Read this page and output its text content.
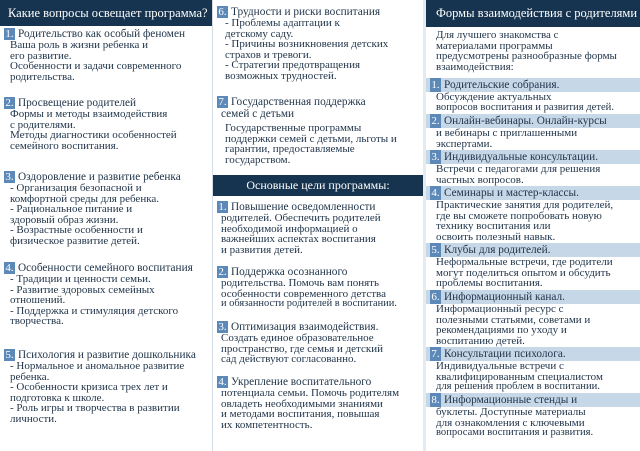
Какие вопросы освещает программа?
1. Родительство как особый феномен
Ваша роль в жизни ребенка и
его развитие.
Особенности и задачи современного
родительства.
2. Просвещение родителей
Формы и методы взаимодействия
с родителями.
Методы диагностики особенностей
семейного воспитания.
3. Оздоровление и развитие ребенка
- Организация безопасной и
комфортной среды для ребенка.
- Рациональное питание и
здоровый образ жизни.
- Возрастные особенности и
физическое развитие детей.
4. Особенности семейного воспитания
- Традиции и ценности семьи.
- Развитие здоровых семейных
отношений.
- Поддержка и стимуляция детского
творчества.
5. Психология и развитие дошкольника
- Нормальное и аномальное развитие
ребенка.
- Особенности кризиса трех лет и
подготовка к школе.
- Роль игры и творчества в развитии
личности.
6. Трудности и риски воспитания
- Проблемы адаптации к
детскому саду.
- Причины возникновения детских
страхов и тревоги.
- Стратегии предотвращения
возможных трудностей.
7. Государственная поддержка
семей с детьми
Государственные программы
поддержки семей с детьми, льготы и
гарантии, предоставляемые
государством.
Основные цели программы:
1. Повышение осведомленности
родителей. Обеспечить родителей
необходимой информацией о
важнейших аспектах воспитания
и развития детей.
2. Поддержка осознанного
родительства. Помочь вам понять
особенности современного детства
и обязанности родителей в воспитании.
3. Оптимизация взаимодействия.
Создать единое образовательное
пространство, где семья и детский
сад действуют согласованно.
4. Укрепление воспитательного
потенциала семьи. Помочь родителям
овладеть необходимыми знаниями
и методами воспитания, повышая
их компетентность.
Формы взаимодействия с родителями
Для лучшего знакомства с
материалами программы
предусмотрены разнообразные формы
взаимодействия:
1. Родительские собрания.
Обсуждение актуальных
вопросов воспитания и развития детей.
2. Онлайн-вебинары. Онлайн-курсы
и вебинары с приглашенными
экспертами.
3. Индивидуальные консультации.
Встречи с педагогами для решения
частных вопросов.
4. Семинары и мастер-классы.
Практические занятия для родителей,
где вы сможете попробовать новую
технику воспитания или
освоить полезный навык.
5. Клубы для родителей.
Неформальные встречи, где родители
могут поделиться опытом и обсудить
проблемы воспитания.
6. Информационный канал.
Информационный ресурс с
полезными статьями, советами и
рекомендациями по уходу и
воспитанию детей.
7. Консультации психолога.
Индивидуальные встречи с
квалифицированным специалистом
для решения проблем в воспитании.
8. Информационные стенды и
буклеты. Доступные материалы
для ознакомления с ключевыми
вопросами воспитания и развития.
